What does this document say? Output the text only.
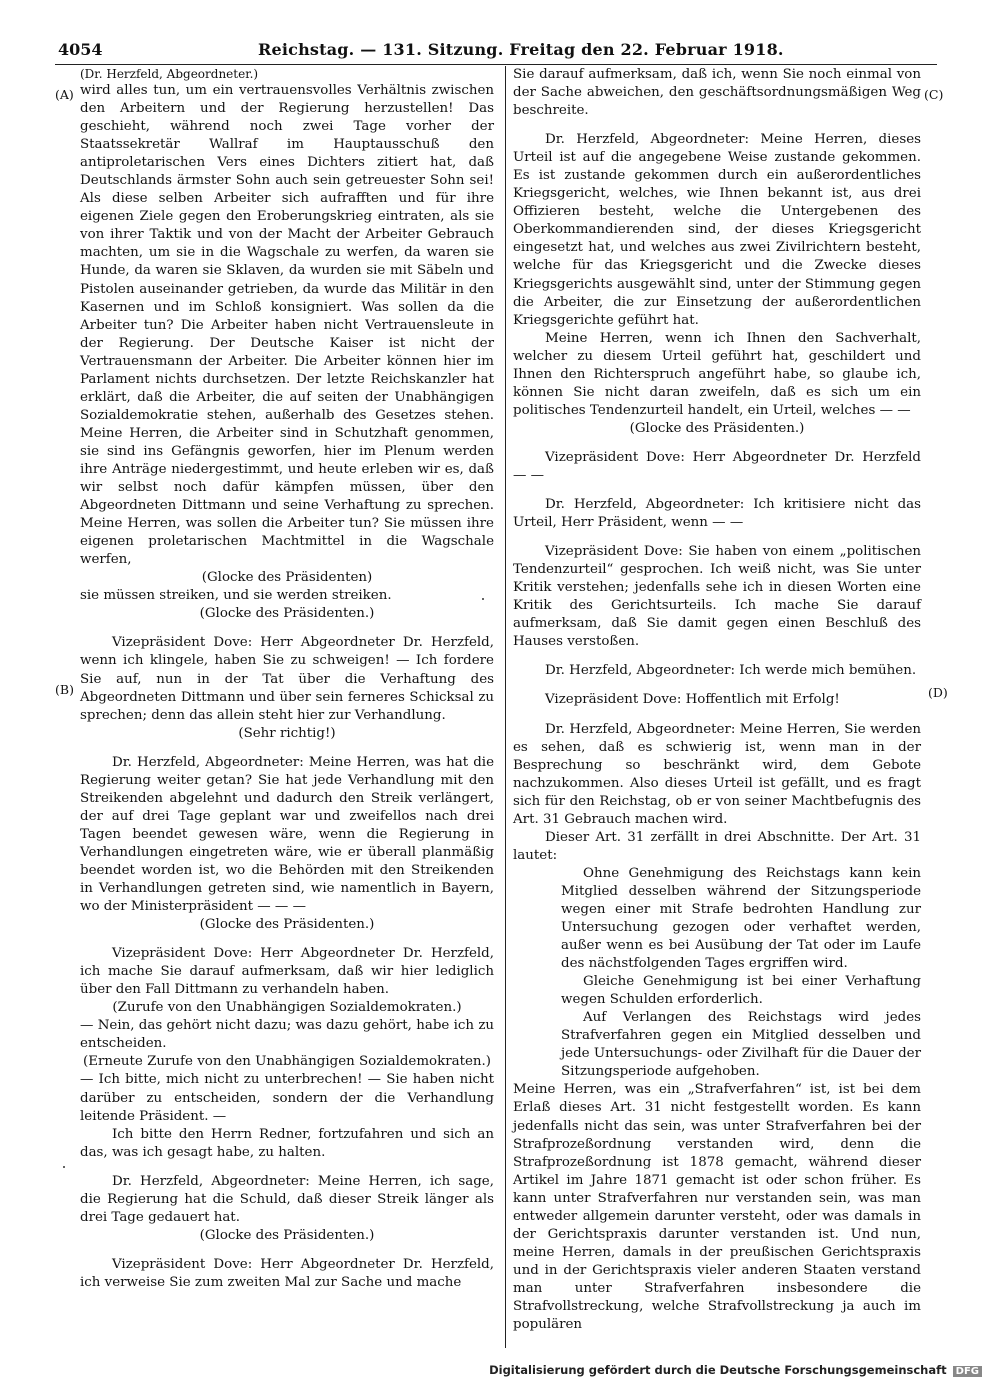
4054	Reichstag. — 131. Sitzung. Freitag den 22. Februar 1918.
(A)
(B)
(C)
(D)

(Dr. Herzfeld, Abgeordneter.)

wird alles tun, um ein vertrauensvolles Verhältnis zwischen den Arbeitern und der Regierung herzustellen! Das geschieht, während noch zwei Tage vorher der Staatssekretär Wallraf im Hauptausschuß den antiproletarischen Vers eines Dichters zitiert hat, daß Deutschlands ärmster Sohn auch sein getreuester Sohn sei! Als diese selben Arbeiter sich aufrafften und für ihre eigenen Ziele gegen den Eroberungskrieg eintraten, als sie von ihrer Taktik und von der Macht der Arbeiter Gebrauch machten, um sie in die Wagschale zu werfen, da waren sie Hunde, da waren sie Sklaven, da wurden sie mit Säbeln und Pistolen auseinander getrieben, da wurde das Militär in den Kasernen und im Schloß konsigniert. Was sollen da die Arbeiter tun? Die Arbeiter haben nicht Vertrauensleute in der Regierung. Der Deutsche Kaiser ist nicht der Vertrauensmann der Arbeiter. Die Arbeiter können hier im Parlament nichts durchsetzen. Der letzte Reichskanzler hat erklärt, daß die Arbeiter, die auf seiten der Unabhängigen Sozialdemokratie stehen, außerhalb des Gesetzes stehen. Meine Herren, die Arbeiter sind in Schutzhaft genommen, sie sind ins Gefängnis geworfen, hier im Plenum werden ihre Anträge niedergestimmt, und heute erleben wir es, daß wir selbst noch dafür kämpfen müssen, über den Abgeordneten Dittmann und seine Verhaftung zu sprechen. Meine Herren, was sollen die Arbeiter tun? Sie müssen ihre eigenen proletarischen Machtmittel in die Wagschale werfen,

(Glocke des Präsidenten)

sie müssen streiken, und sie werden streiken.

(Glocke des Präsidenten.)

Vizepräsident Dove: Herr Abgeordneter Dr. Herzfeld, wenn ich klingele, haben Sie zu schweigen! — Ich fordere Sie auf, nun in der Tat über die Verhaftung des Abgeordneten Dittmann und über sein ferneres Schicksal zu sprechen; denn das allein steht hier zur Verhandlung.

(Sehr richtig!)

Dr. Herzfeld, Abgeordneter: Meine Herren, was hat die Regierung weiter getan? Sie hat jede Verhandlung mit den Streikenden abgelehnt und dadurch den Streik verlängert, der auf drei Tage geplant war und zweifellos nach drei Tagen beendet gewesen wäre, wenn die Regierung in Verhandlungen eingetreten wäre, wie er überall planmäßig beendet worden ist, wo die Behörden mit den Streikenden in Verhandlungen getreten sind, wie namentlich in Bayern, wo der Ministerpräsident — — —

(Glocke des Präsidenten.)

Vizepräsident Dove: Herr Abgeordneter Dr. Herzfeld, ich mache Sie darauf aufmerksam, daß wir hier lediglich über den Fall Dittmann zu verhandeln haben.

(Zurufe von den Unabhängigen Sozialdemokraten.)

— Nein, das gehört nicht dazu; was dazu gehört, habe ich zu entscheiden.

(Erneute Zurufe von den Unabhängigen Sozialdemokraten.)

— Ich bitte, mich nicht zu unterbrechen! — Sie haben nicht darüber zu entscheiden, sondern der die Verhandlung leitende Präsident. —

Ich bitte den Herrn Redner, fortzufahren und sich an das, was ich gesagt habe, zu halten.

Dr. Herzfeld, Abgeordneter: Meine Herren, ich sage, die Regierung hat die Schuld, daß dieser Streik länger als drei Tage gedauert hat.

(Glocke des Präsidenten.)

Vizepräsident Dove: Herr Abgeordneter Dr. Herzfeld, ich verweise Sie zum zweiten Mal zur Sache und mache

Sie darauf aufmerksam, daß ich, wenn Sie noch einmal von der Sache abweichen, den geschäftsordnungsmäßigen Weg beschreite.

Dr. Herzfeld, Abgeordneter: Meine Herren, dieses Urteil ist auf die angegebene Weise zustande gekommen. Es ist zustande gekommen durch ein außerordentliches Kriegsgericht, welches, wie Ihnen bekannt ist, aus drei Offizieren besteht, welche die Untergebenen des Oberkommandierenden sind, der dieses Kriegsgericht eingesetzt hat, und welches aus zwei Zivilrichtern besteht, welche für das Kriegsgericht und die Zwecke dieses Kriegsgerichts ausgewählt sind, unter der Stimmung gegen die Arbeiter, die zur Einsetzung der außerordentlichen Kriegsgerichte geführt hat.

Meine Herren, wenn ich Ihnen den Sachverhalt, welcher zu diesem Urteil geführt hat, geschildert und Ihnen den Richterspruch angeführt habe, so glaube ich, können Sie nicht daran zweifeln, daß es sich um ein politisches Tendenzurteil handelt, ein Urteil, welches — —

(Glocke des Präsidenten.)

Vizepräsident Dove: Herr Abgeordneter Dr. Herzfeld — —

Dr. Herzfeld, Abgeordneter: Ich kritisiere nicht das Urteil, Herr Präsident, wenn — —

Vizepräsident Dove: Sie haben von einem „politischen Tendenzurteil“ gesprochen. Ich weiß nicht, was Sie unter Kritik verstehen; jedenfalls sehe ich in diesen Worten eine Kritik des Gerichtsurteils. Ich mache Sie darauf aufmerksam, daß Sie damit gegen einen Beschluß des Hauses verstoßen.

Dr. Herzfeld, Abgeordneter: Ich werde mich bemühen.

Vizepräsident Dove: Hoffentlich mit Erfolg!

Dr. Herzfeld, Abgeordneter: Meine Herren, Sie werden es sehen, daß es schwierig ist, wenn man in der Besprechung so beschränkt wird, dem Gebote nachzukommen. Also dieses Urteil ist gefällt, und es fragt sich für den Reichstag, ob er von seiner Machtbefugnis des Art. 31 Gebrauch machen wird.

Dieser Art. 31 zerfällt in drei Abschnitte. Der Art. 31 lautet:

Ohne Genehmigung des Reichstags kann kein Mitglied desselben während der Sitzungsperiode wegen einer mit Strafe bedrohten Handlung zur Untersuchung gezogen oder verhaftet werden, außer wenn es bei Ausübung der Tat oder im Laufe des nächstfolgenden Tages ergriffen wird.

Gleiche Genehmigung ist bei einer Verhaftung wegen Schulden erforderlich.

Auf Verlangen des Reichstags wird jedes Strafverfahren gegen ein Mitglied desselben und jede Untersuchungs- oder Zivilhaft für die Dauer der Sitzungsperiode aufgehoben.

Meine Herren, was ein „Strafverfahren“ ist, ist bei dem Erlaß dieses Art. 31 nicht festgestellt worden. Es kann jedenfalls nicht das sein, was unter Strafverfahren bei der Strafprozeßordnung verstanden wird, denn die Strafprozeßordnung ist 1878 gemacht, während dieser Artikel im Jahre 1871 gemacht ist oder schon früher. Es kann unter Strafverfahren nur verstanden sein, was man entweder allgemein darunter versteht, oder was damals in der Gerichtspraxis darunter verstanden ist. Und nun, meine Herren, damals in der preußischen Gerichtspraxis und in der Gerichtspraxis vieler anderen Staaten verstand man unter Strafverfahren insbesondere die Strafvollstreckung, welche Strafvollstreckung ja auch im populären

Digitalisierung gefördert durch die Deutsche Forschungsgemeinschaft DFG
